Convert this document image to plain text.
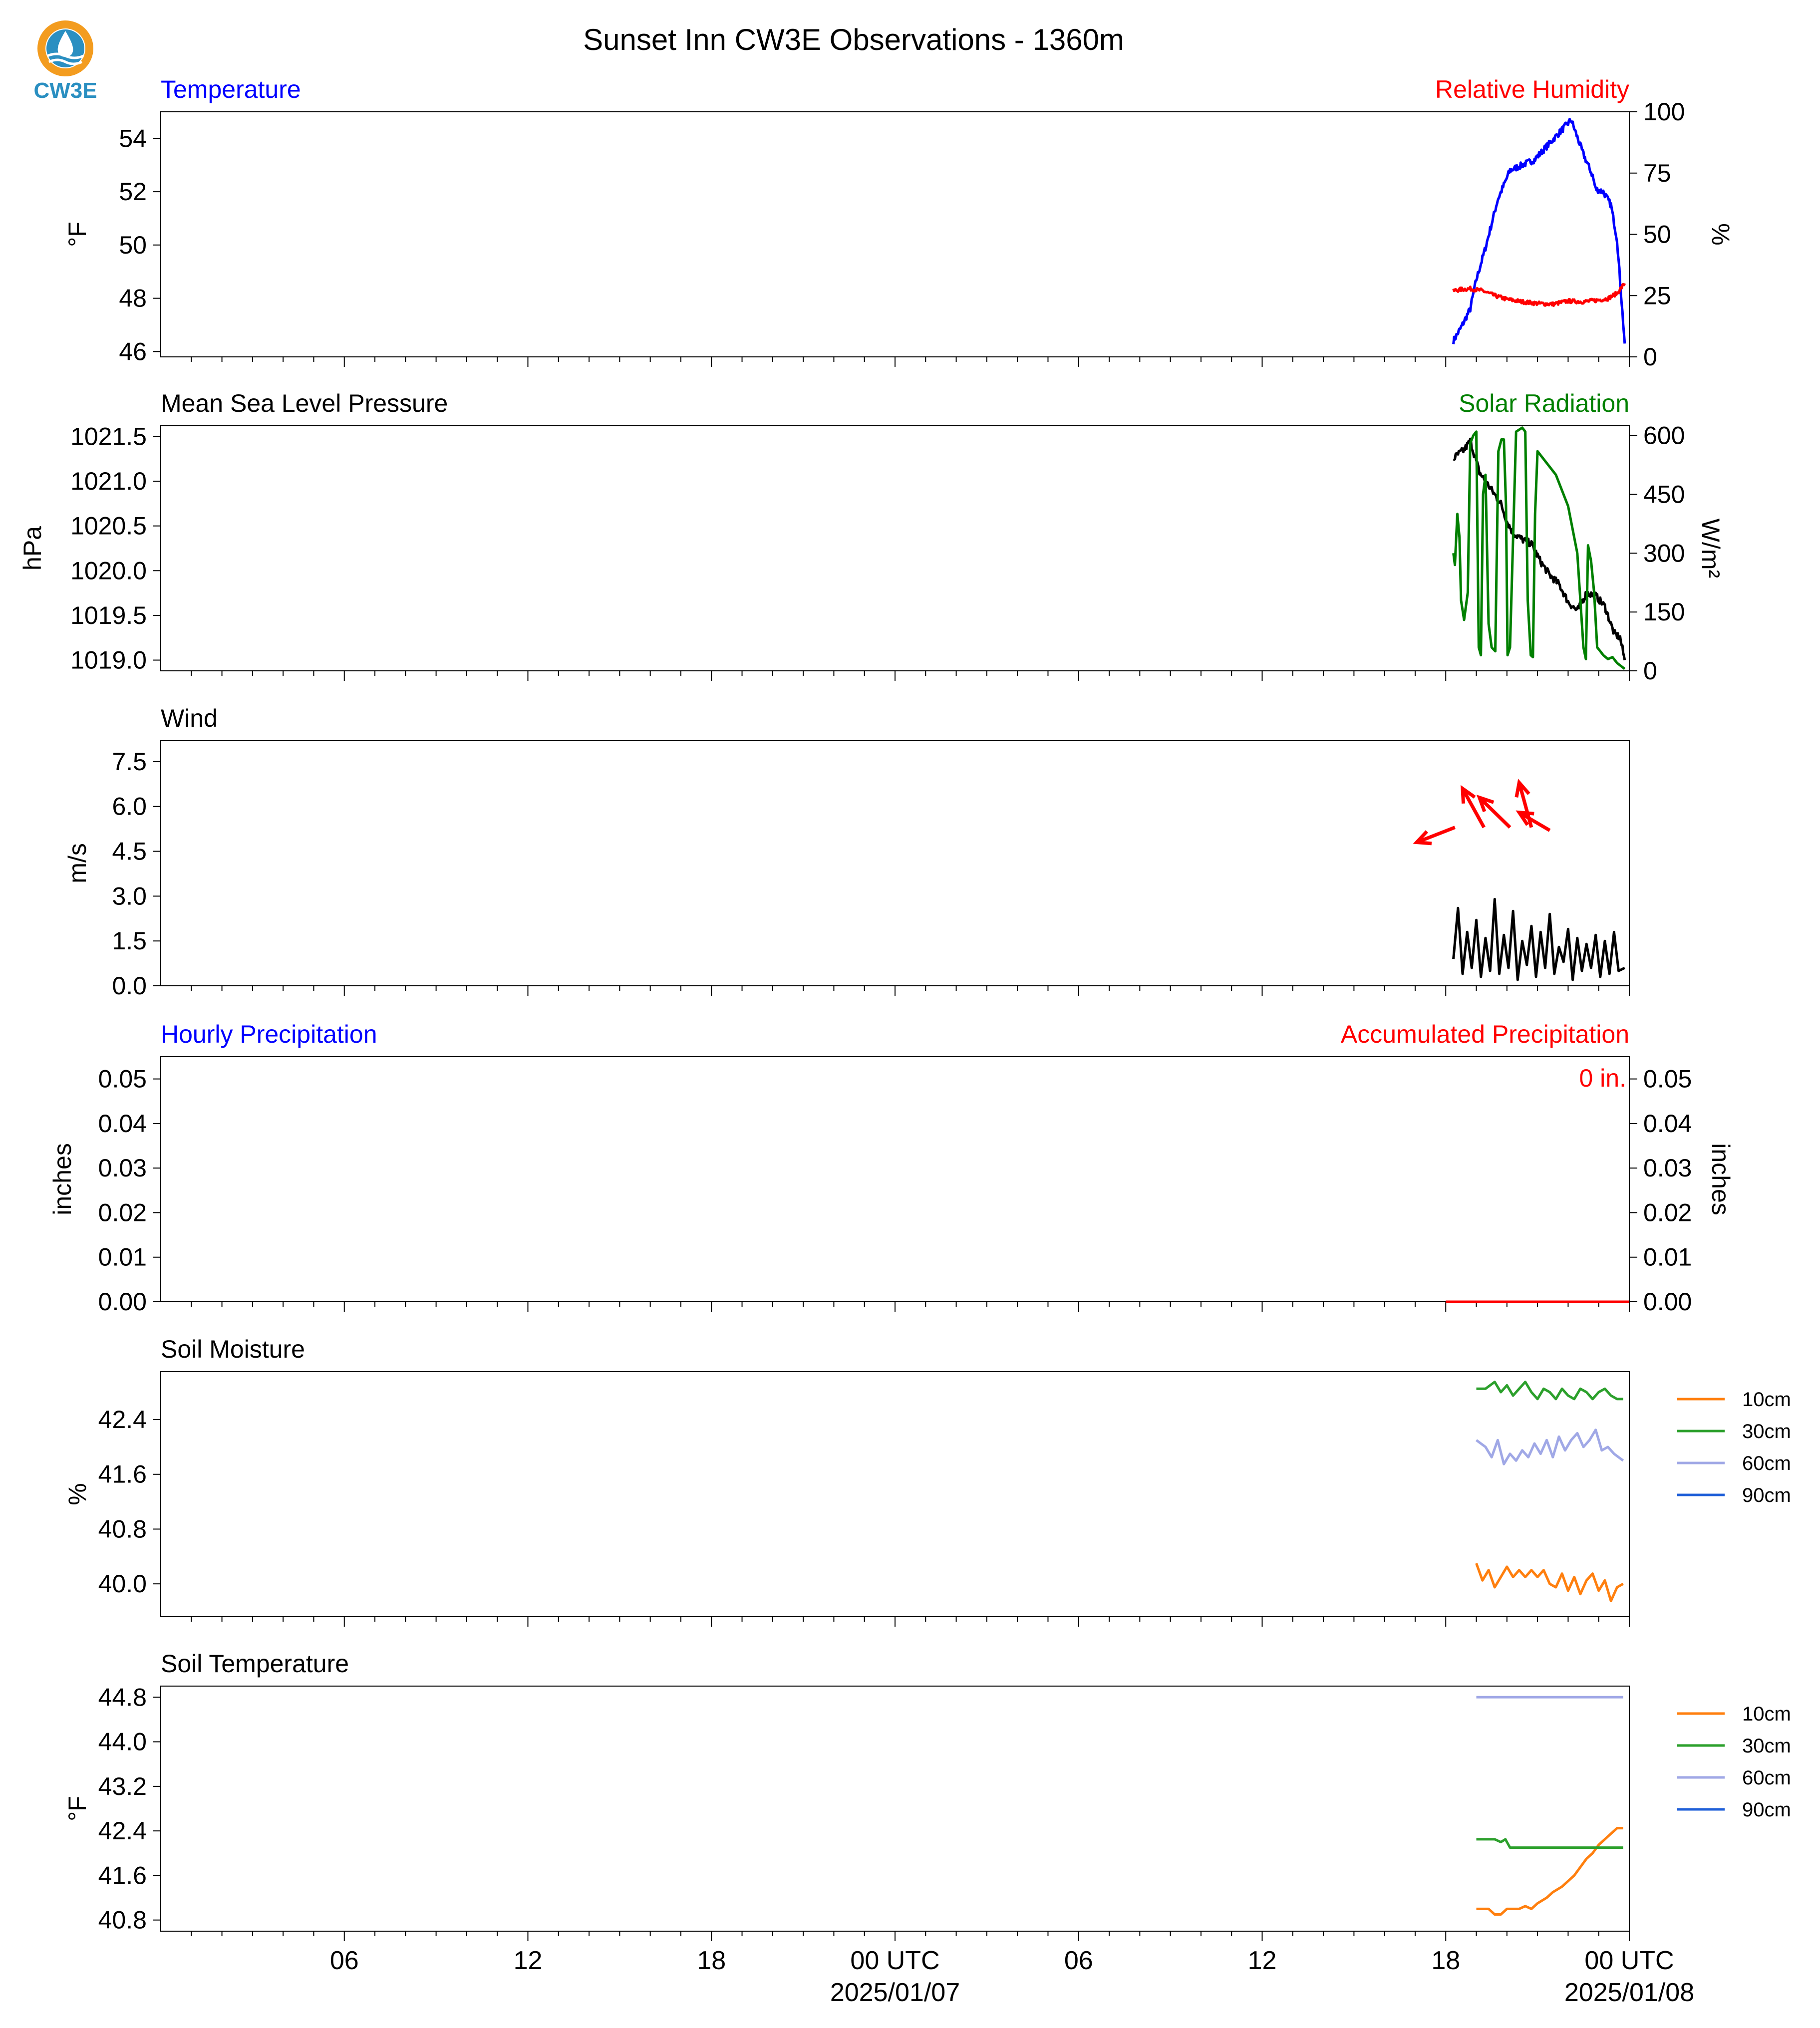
CW3E
Sunset Inn CW3E Observations - 1360m
Temperature	Relative Humidity
46
48
50
52
54
0
25
50
75
100
°F	%
Mean Sea Level Pressure	Solar Radiation
1019.0
1019.5
1020.0
1020.5
1021.0
1021.5
0
150
300
450
600
hPa	W/m²
Wind
0.0
1.5
3.0
4.5
6.0
7.5
m/s
Hourly Precipitation	Accumulated Precipitation
0.00
0.01
0.02
0.03
0.04
0.05
0.00
0.01
0.02
0.03
0.04
0.05
inches	inches
0 in.
Soil Moisture
40.0
40.8
41.6
42.4
%
10cm
30cm
60cm
90cm
Soil Temperature
40.8
41.6
42.4
43.2
44.0
44.8
°F
10cm
30cm
60cm
90cm
06	12	18	00 UTC
2025/01/07
06	12	18	00 UTC
2025/01/08
